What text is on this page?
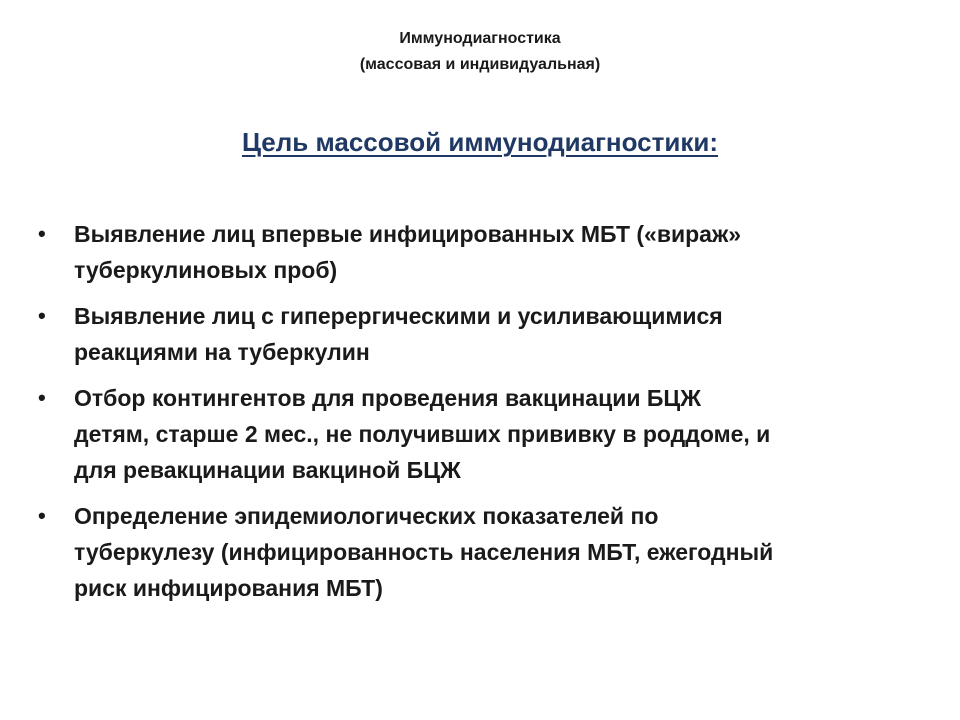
Иммунодиагностика
(массовая и индивидуальная)
Цель массовой иммунодиагностики:
• Выявление лиц впервые инфицированных МБТ («вираж»
туберкулиновых проб)
• Выявление лиц с гиперергическими и усиливающимися
реакциями на туберкулин
• Отбор контингентов для проведения вакцинации БЦЖ
детям, старше 2 мес., не получивших прививку в роддоме, и
для ревакцинации вакциной БЦЖ
• Определение эпидемиологических показателей по
туберкулезу (инфицированность населения МБТ, ежегодный
риск инфицирования МБТ)
